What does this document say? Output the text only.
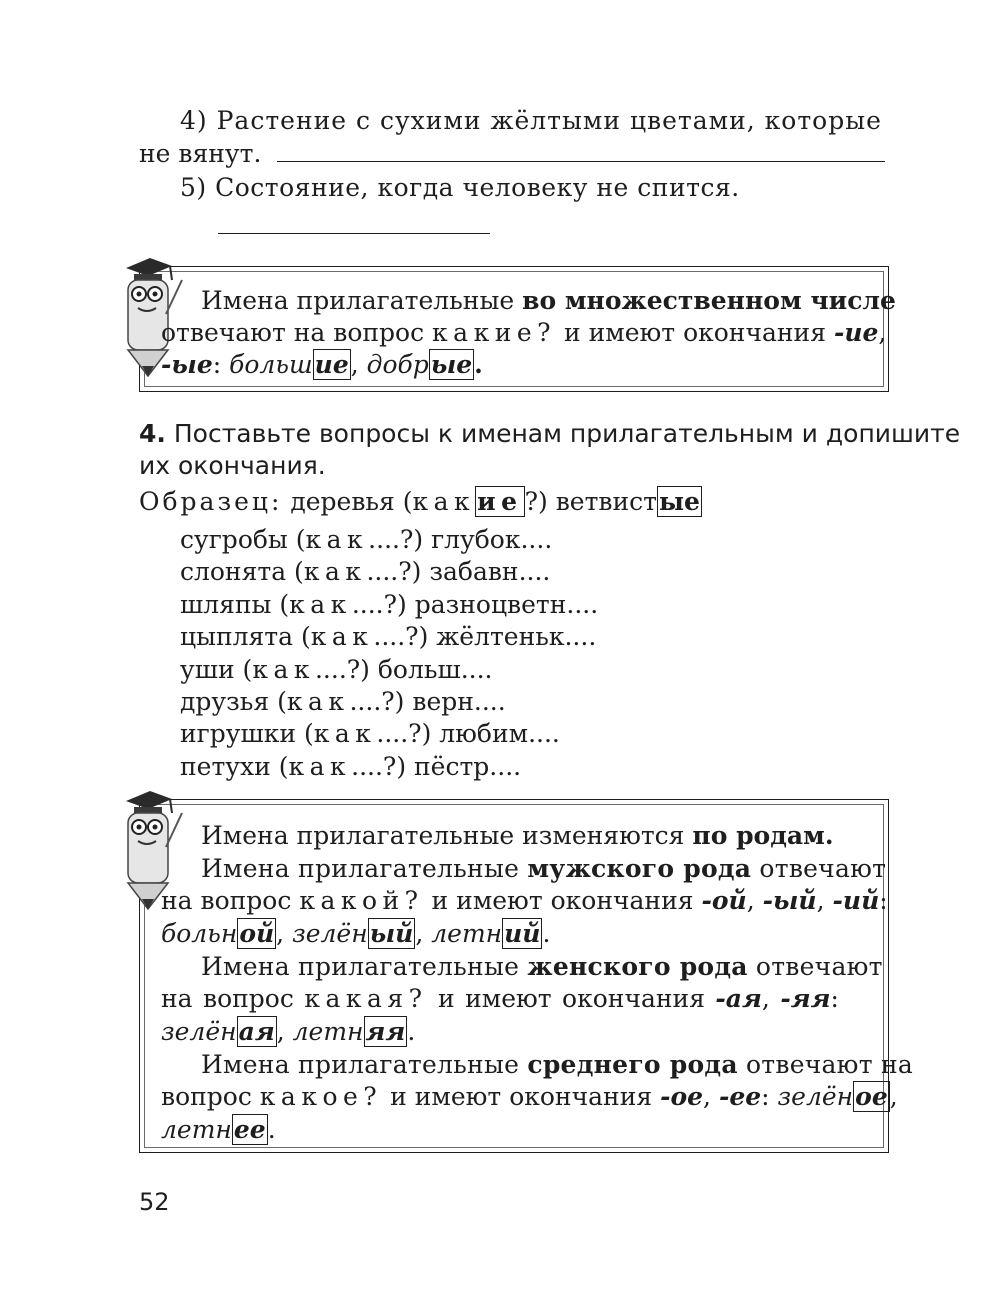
4) Растение с сухими жёлтыми цветами, которые
не вянут.
5) Состояние, когда человеку не спится.
Имена прилагательные во множественном числе
отвечают на вопрос какие? и имеют окончания -ие,
-ые: большие, добрые.
4. Поставьте вопросы к именам прилагательным и допишите
их окончания.
Образец: деревья (какие?) ветвистые
сугробы (как....?) глубок....
слонята (как....?) забавн....
шляпы (как....?) разноцветн....
цыплята (как....?) жёлтеньк....
уши (как....?) больш....
друзья (как....?) верн....
игрушки (как....?) любим....
петухи (как....?) пёстр....
Имена прилагательные изменяются по родам.
Имена прилагательные мужского рода отвечают
на вопрос какой? и имеют окончания -ой, -ый, -ий:
больной, зелёный, летний.
Имена прилагательные женского рода отвечают
на вопрос какая? и имеют окончания -ая, -яя:
зелёная, летняя.
Имена прилагательные среднего рода отвечают на
вопрос какое? и имеют окончания -ое, -ее: зелёное,
летнее.
52
